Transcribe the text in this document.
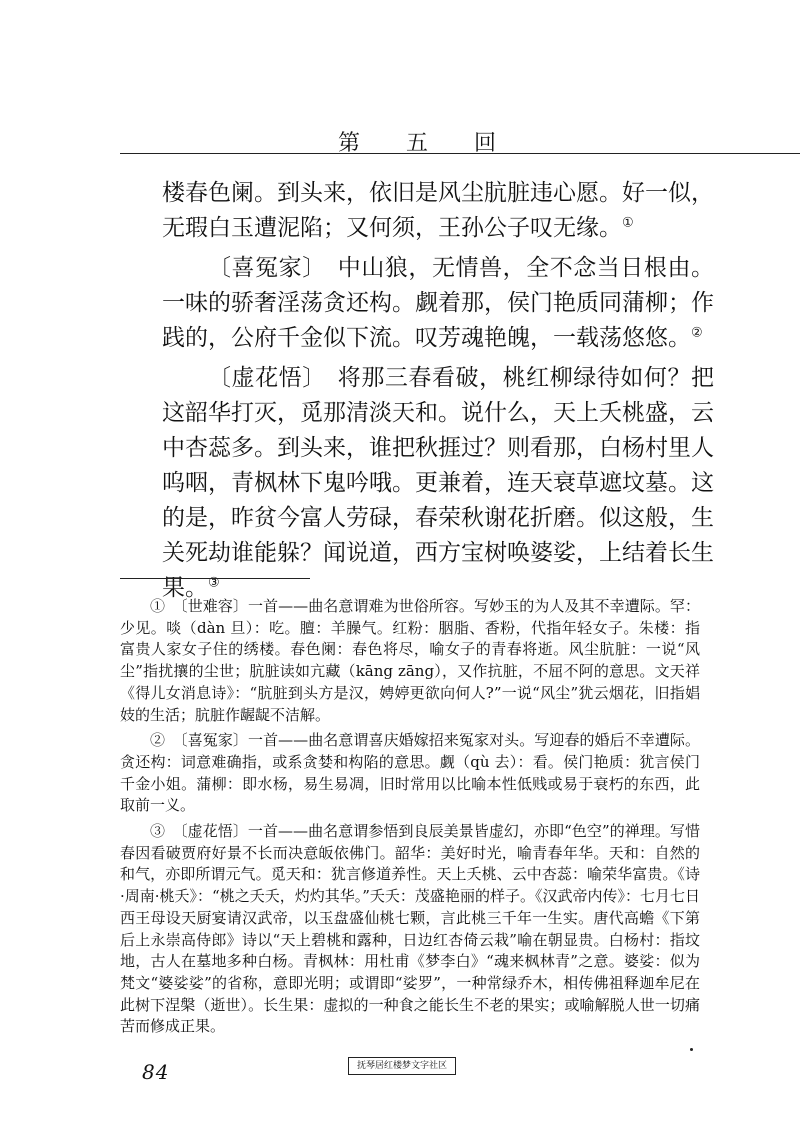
第五回

楼春色阑。到头来，依旧是风尘肮脏违心愿。好一似，无瑕白玉遭泥陷；又何须，王孙公子叹无缘。①

〔喜冤家〕　中山狼，无情兽，全不念当日根由。一味的骄奢淫荡贪还构。觑着那，侯门艳质同蒲柳；作践的，公府千金似下流。叹芳魂艳魄，一载荡悠悠。②

〔虚花悟〕　将那三春看破，桃红柳绿待如何？把这韶华打灭，觅那清淡天和。说什么，天上夭桃盛，云中杏蕊多。到头来，谁把秋捱过？则看那，白杨村里人呜咽，青枫林下鬼吟哦。更兼着，连天衰草遮坟墓。这的是，昨贫今富人劳碌，春荣秋谢花折磨。似这般，生关死劫谁能躲？闻说道，西方宝树唤婆娑，上结着长生果。③

①　〔世难容〕一首——曲名意谓难为世俗所容。写妙玉的为人及其不幸遭际。罕：少见。啖（dàn 旦）：吃。膻：羊臊气。红粉：胭脂、香粉，代指年轻女子。朱楼：指富贵人家女子住的绣楼。春色阑：春色将尽，喻女子的青春将逝。风尘肮脏：一说“风尘”指扰攘的尘世；肮脏读如亢藏（kāng zāng），又作抗脏，不屈不阿的意思。文天祥《得儿女消息诗》：“肮脏到头方是汉，娉婷更欲向何人?”一说“风尘”犹云烟花，旧指娼妓的生活；肮脏作龌龊不洁解。

②　〔喜冤家〕一首——曲名意谓喜庆婚嫁招来冤家对头。写迎春的婚后不幸遭际。贪还构：词意难确指，或系贪婪和构陷的意思。觑（qù 去）：看。侯门艳质：犹言侯门千金小姐。蒲柳：即水杨，易生易凋，旧时常用以比喻本性低贱或易于衰朽的东西，此取前一义。

③　〔虚花悟〕一首——曲名意谓参悟到良辰美景皆虚幻，亦即“色空”的禅理。写惜春因看破贾府好景不长而决意皈依佛门。韶华：美好时光，喻青春年华。天和：自然的和气，亦即所谓元气。觅天和：犹言修道养性。天上夭桃、云中杏蕊：喻荣华富贵。《诗·周南·桃夭》：“桃之夭夭，灼灼其华。”夭夭：茂盛艳丽的样子。《汉武帝内传》：七月七日西王母设天厨宴请汉武帝，以玉盘盛仙桃七颗，言此桃三千年一生实。唐代高蟾《下第后上永崇高侍郎》诗以“天上碧桃和露种，日边红杏倚云栽”喻在朝显贵。白杨村：指坟地，古人在墓地多种白杨。青枫林：用杜甫《梦李白》“魂来枫林青”之意。婆娑：似为梵文“婆娑娑”的省称，意即光明；或谓即“娑罗”，一种常绿乔木，相传佛祖释迦牟尼在此树下涅槃（逝世）。长生果：虚拟的一种食之能长生不老的果实；或喻解脱人世一切痛苦而修成正果。

84	抚琴居红楼梦文字社区
